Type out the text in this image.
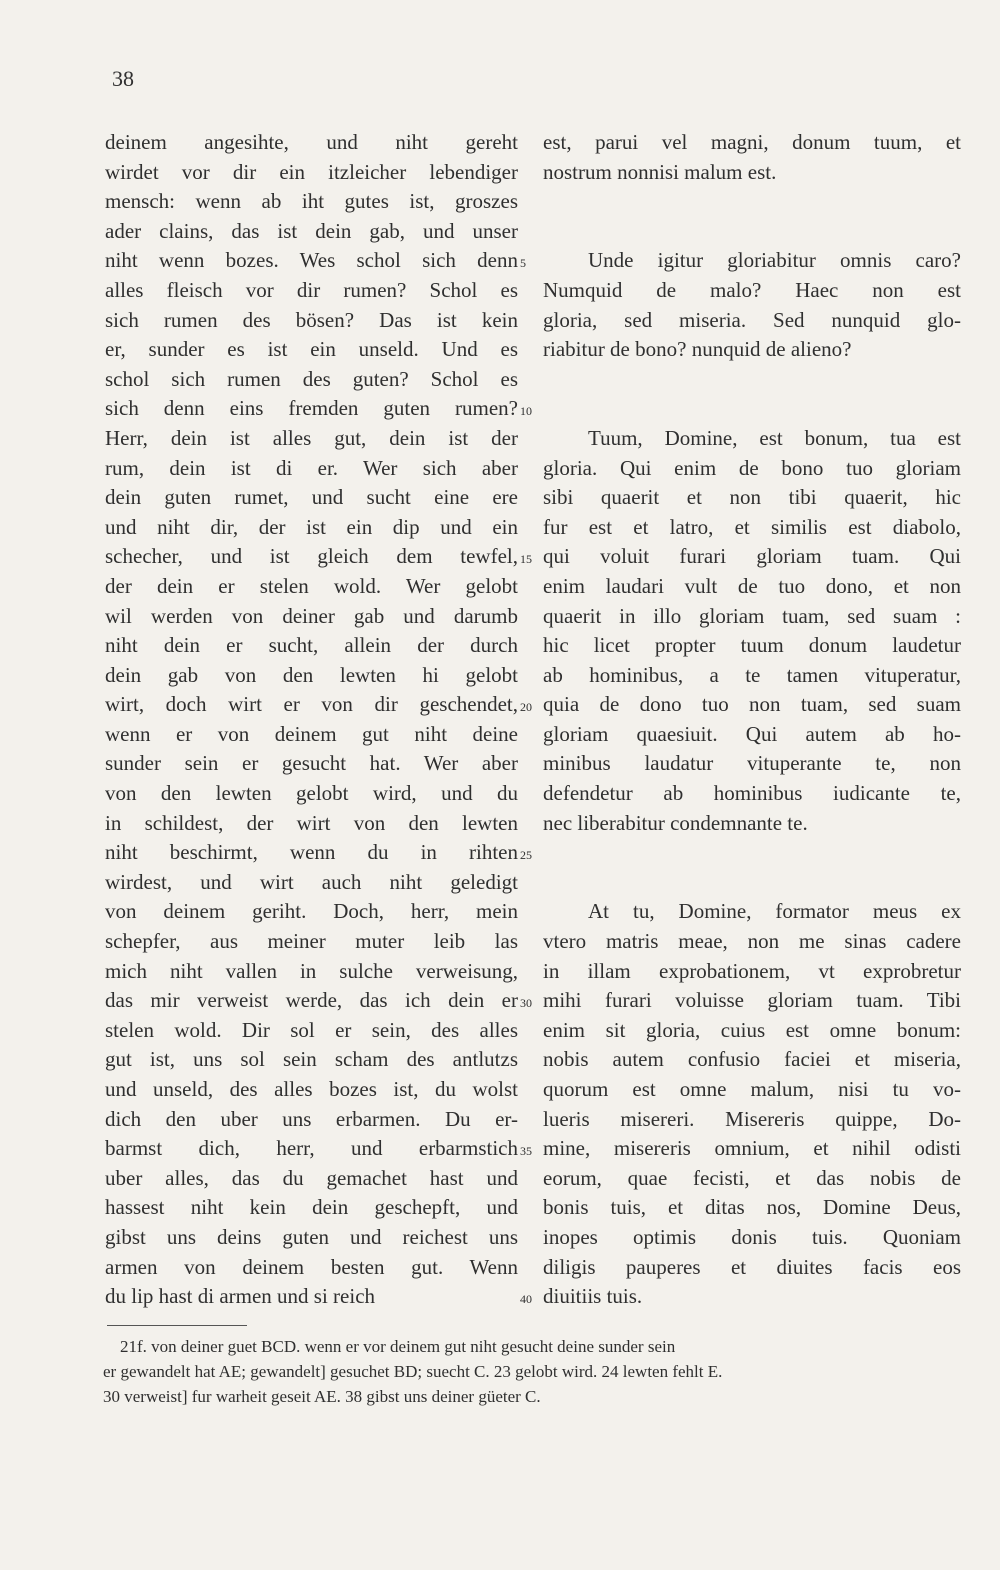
38
deinem angesihte, und niht gereht
wirdet vor dir ein itzleicher lebendiger
mensch: wenn ab iht gutes ist, groszes
ader clains, das ist dein gab, und unser
niht wenn bozes. Wes schol sich denn
alles fleisch vor dir rumen? Schol es
sich rumen des bösen? Das ist kein
er, sunder es ist ein unseld. Und es
schol sich rumen des guten? Schol es
sich denn eins fremden guten rumen?
Herr, dein ist alles gut, dein ist der
rum, dein ist di er. Wer sich aber
dein guten rumet, und sucht eine ere
und niht dir, der ist ein dip und ein
schecher, und ist gleich dem tewfel,
der dein er stelen wold. Wer gelobt
wil werden von deiner gab und darumb
niht dein er sucht, allein der durch
dein gab von den lewten hi gelobt
wirt, doch wirt er von dir geschendet,
wenn er von deinem gut niht deine
sunder sein er gesucht hat. Wer aber
von den lewten gelobt wird, und du
in schildest, der wirt von den lewten
niht beschirmt, wenn du in rihten
wirdest, und wirt auch niht geledigt
von deinem geriht. Doch, herr, mein
schepfer, aus meiner muter leib las
mich niht vallen in sulche verweisung,
das mir verweist werde, das ich dein er
stelen wold. Dir sol er sein, des alles
gut ist, uns sol sein scham des antlutzs
und unseld, des alles bozes ist, du wolst
dich den uber uns erbarmen. Du er-
barmst dich, herr, und erbarmstich
uber alles, das du gemachet hast und
hassest niht kein dein geschepft, und
gibst uns deins guten und reichest uns
armen von deinem besten gut. Wenn
du lip hast di armen und si reich
5
10
15
20
25
30
35
40
est, parui vel magni, donum tuum, et
nostrum nonnisi malum est.
Unde igitur gloriabitur omnis caro?
Numquid de malo? Haec non est
gloria, sed miseria. Sed nunquid glo-
riabitur de bono? nunquid de alieno?
Tuum, Domine, est bonum, tua est
gloria. Qui enim de bono tuo gloriam
sibi quaerit et non tibi quaerit, hic
fur est et latro, et similis est diabolo,
qui voluit furari gloriam tuam. Qui
enim laudari vult de tuo dono, et non
quaerit in illo gloriam tuam, sed suam :
hic licet propter tuum donum laudetur
ab hominibus, a te tamen vituperatur,
quia de dono tuo non tuam, sed suam
gloriam quaesiuit. Qui autem ab ho-
minibus laudatur vituperante te, non
defendetur ab hominibus iudicante te,
nec liberabitur condemnante te.
At tu, Domine, formator meus ex
vtero matris meae, non me sinas cadere
in illam exprobationem, vt exprobretur
mihi furari voluisse gloriam tuam. Tibi
enim sit gloria, cuius est omne bonum:
nobis autem confusio faciei et miseria,
quorum est omne malum, nisi tu vo-
lueris misereri. Misereris quippe, Do-
mine, misereris omnium, et nihil odisti
eorum, quae fecisti, et das nobis de
bonis tuis, et ditas nos, Domine Deus,
inopes optimis donis tuis. Quoniam
diligis pauperes et diuites facis eos
diuitiis tuis.
21f. von deiner guet BCD. wenn er vor deinem gut niht gesucht deine sunder sein
er gewandelt hat AE; gewandelt] gesuchet BD; suecht C. 23 gelobt wird. 24 lewten fehlt E.
30 verweist] fur warheit geseit AE. 38 gibst uns deiner güeter C.
